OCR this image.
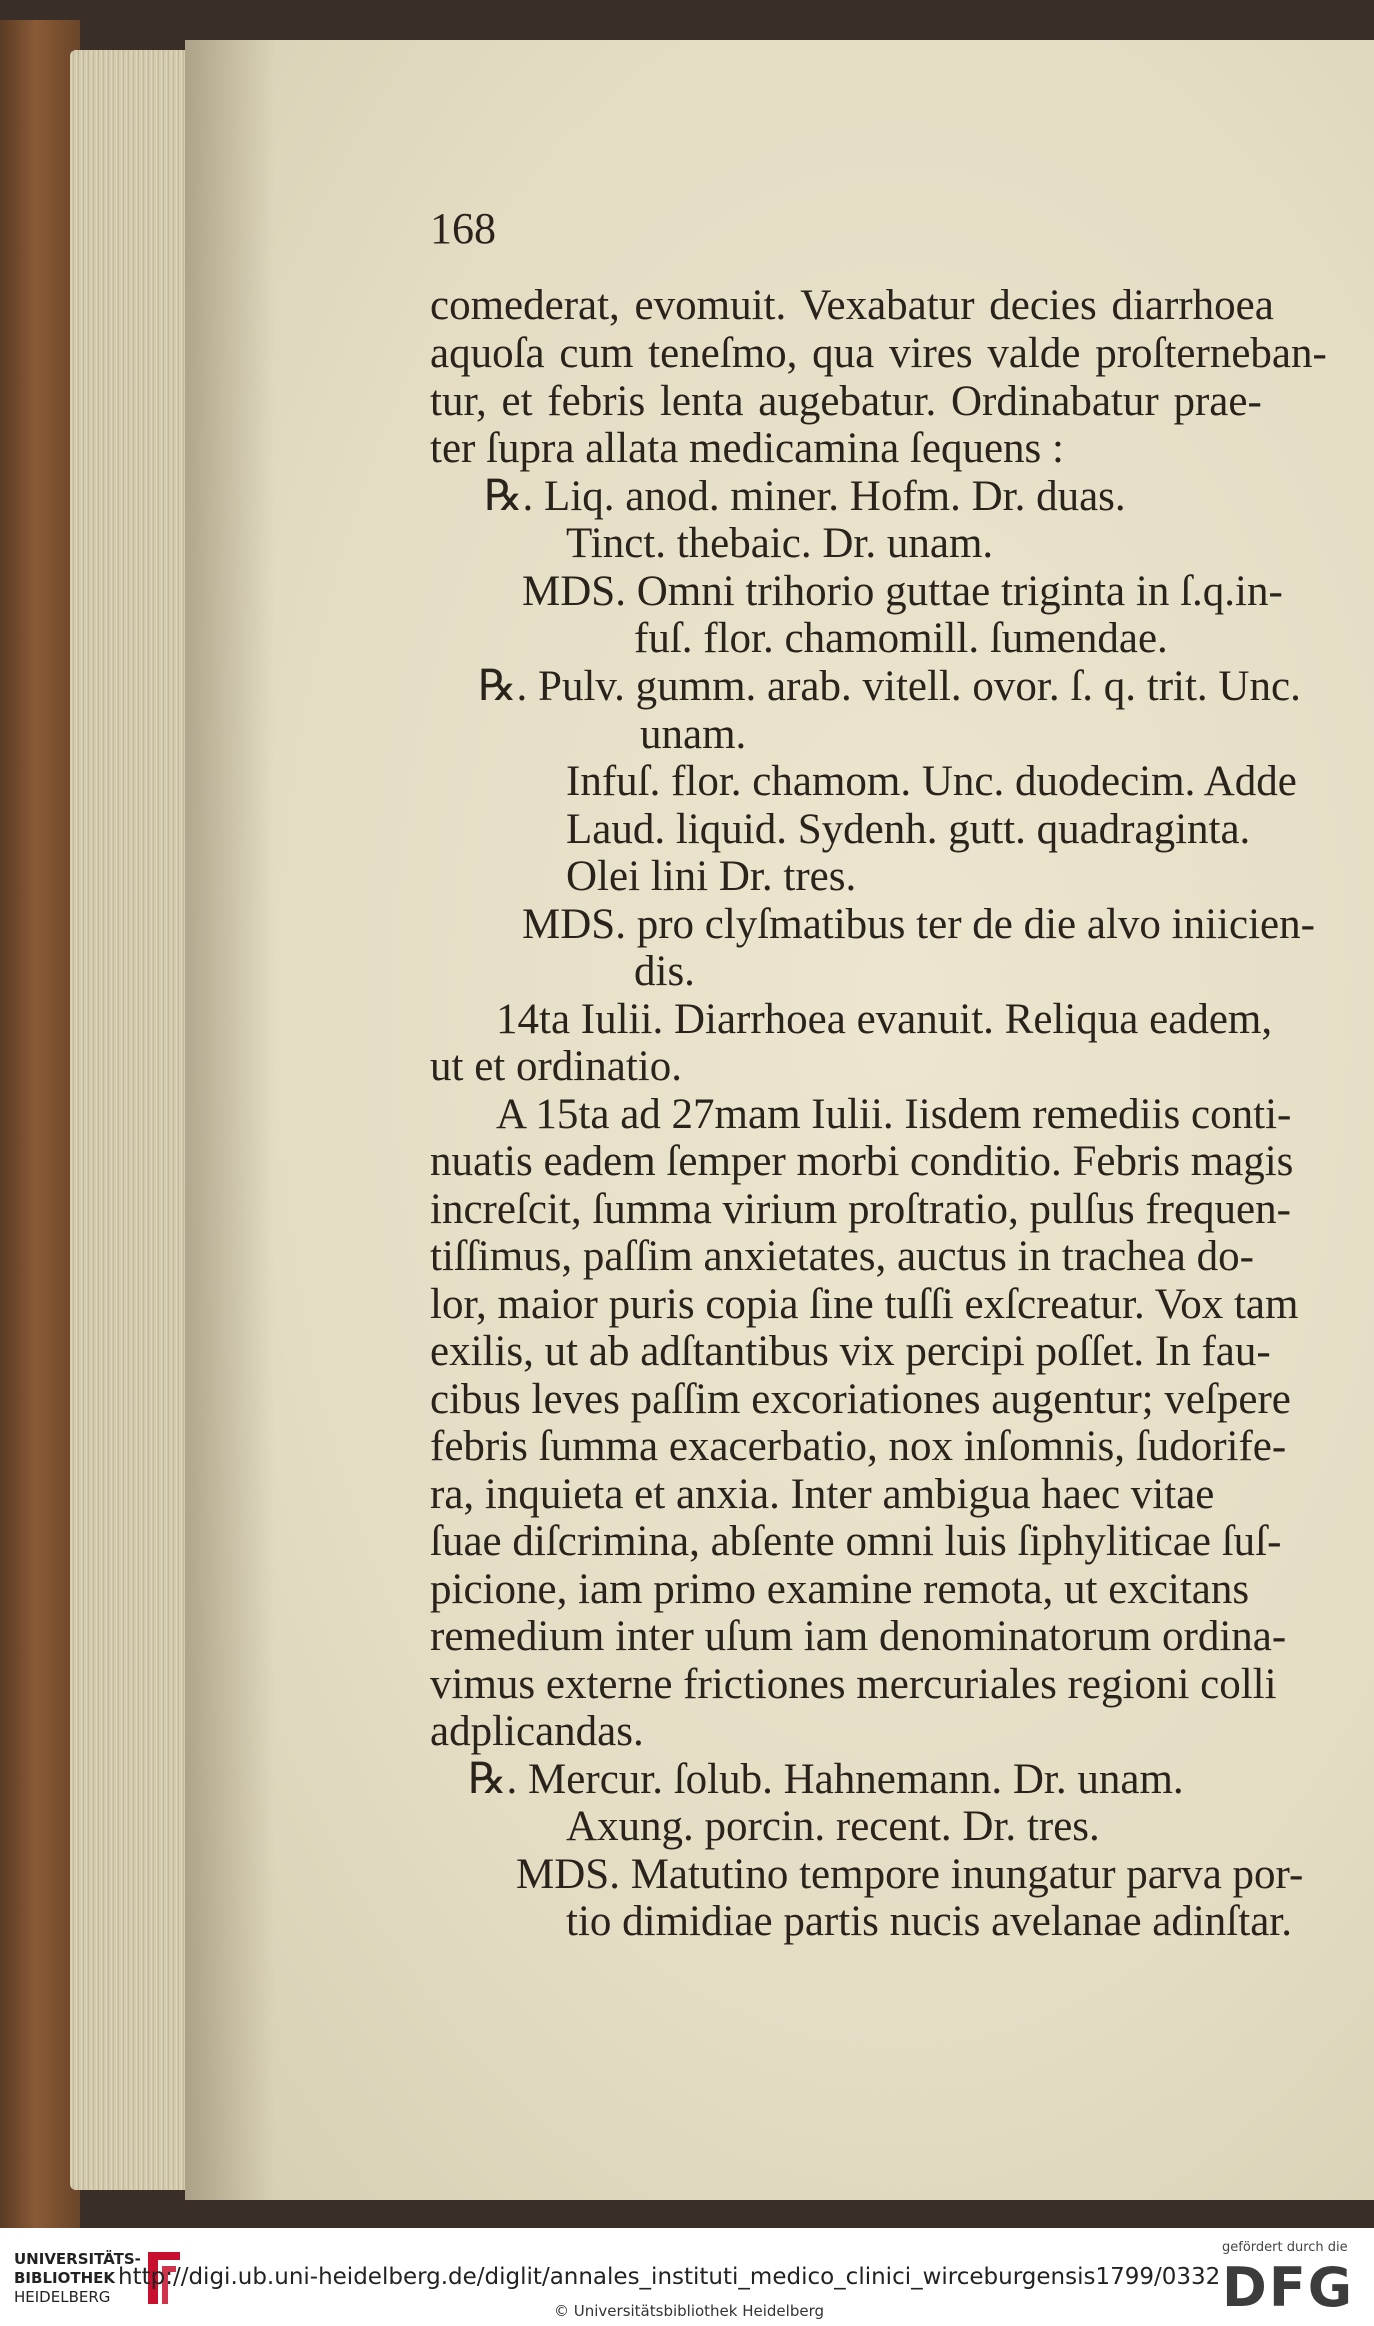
168
comederat, evomuit. Vexabatur decies diarrhoea
aquoſa cum teneſmo, qua vires valde proſterneban-
tur, et febris lenta augebatur. Ordinabatur prae-
ter ſupra allata medicamina ſequens :
℞. Liq. anod. miner. Hofm. Dr. duas.
Tinct. thebaic. Dr. unam.
MDS. Omni trihorio guttae triginta in ſ.q.in-
fuſ. flor. chamomill. ſumendae.
℞. Pulv. gumm. arab. vitell. ovor. ſ. q. trit. Unc.
unam.
Infuſ. flor. chamom. Unc. duodecim. Adde
Laud. liquid. Sydenh. gutt. quadraginta.
Olei lini Dr. tres.
MDS. pro clyſmatibus ter de die alvo iniicien-
dis.
14ta Iulii. Diarrhoea evanuit. Reliqua eadem,
ut et ordinatio.
A 15ta ad 27mam Iulii. Iisdem remediis conti-
nuatis eadem ſemper morbi conditio. Febris magis
increſcit, ſumma virium proſtratio, pulſus frequen-
tiſſimus, paſſim anxietates, auctus in trachea do-
lor, maior puris copia ſine tuſſi exſcreatur. Vox tam
exilis, ut ab adſtantibus vix percipi poſſet. In fau-
cibus leves paſſim excoriationes augentur; veſpere
febris ſumma exacerbatio, nox inſomnis, ſudorife-
ra, inquieta et anxia. Inter ambigua haec vitae
ſuae diſcrimina, abſente omni luis ſiphyliticae ſuſ-
picione, iam primo examine remota, ut excitans
remedium inter uſum iam denominatorum ordina-
vimus externe frictiones mercuriales regioni colli
adplicandas.
℞. Mercur. ſolub. Hahnemann. Dr. unam.
Axung. porcin. recent. Dr. tres.
MDS. Matutino tempore inungatur parva por-
tio dimidiae partis nucis avelanae adinſtar.
UNIVERSITÄTS-
BIBLIOTHEK
HEIDELBERG
http://digi.ub.uni-heidelberg.de/diglit/annales_instituti_medico_clinici_wirceburgensis1799/0332
© Universitätsbibliothek Heidelberg
gefördert durch die
DFG
